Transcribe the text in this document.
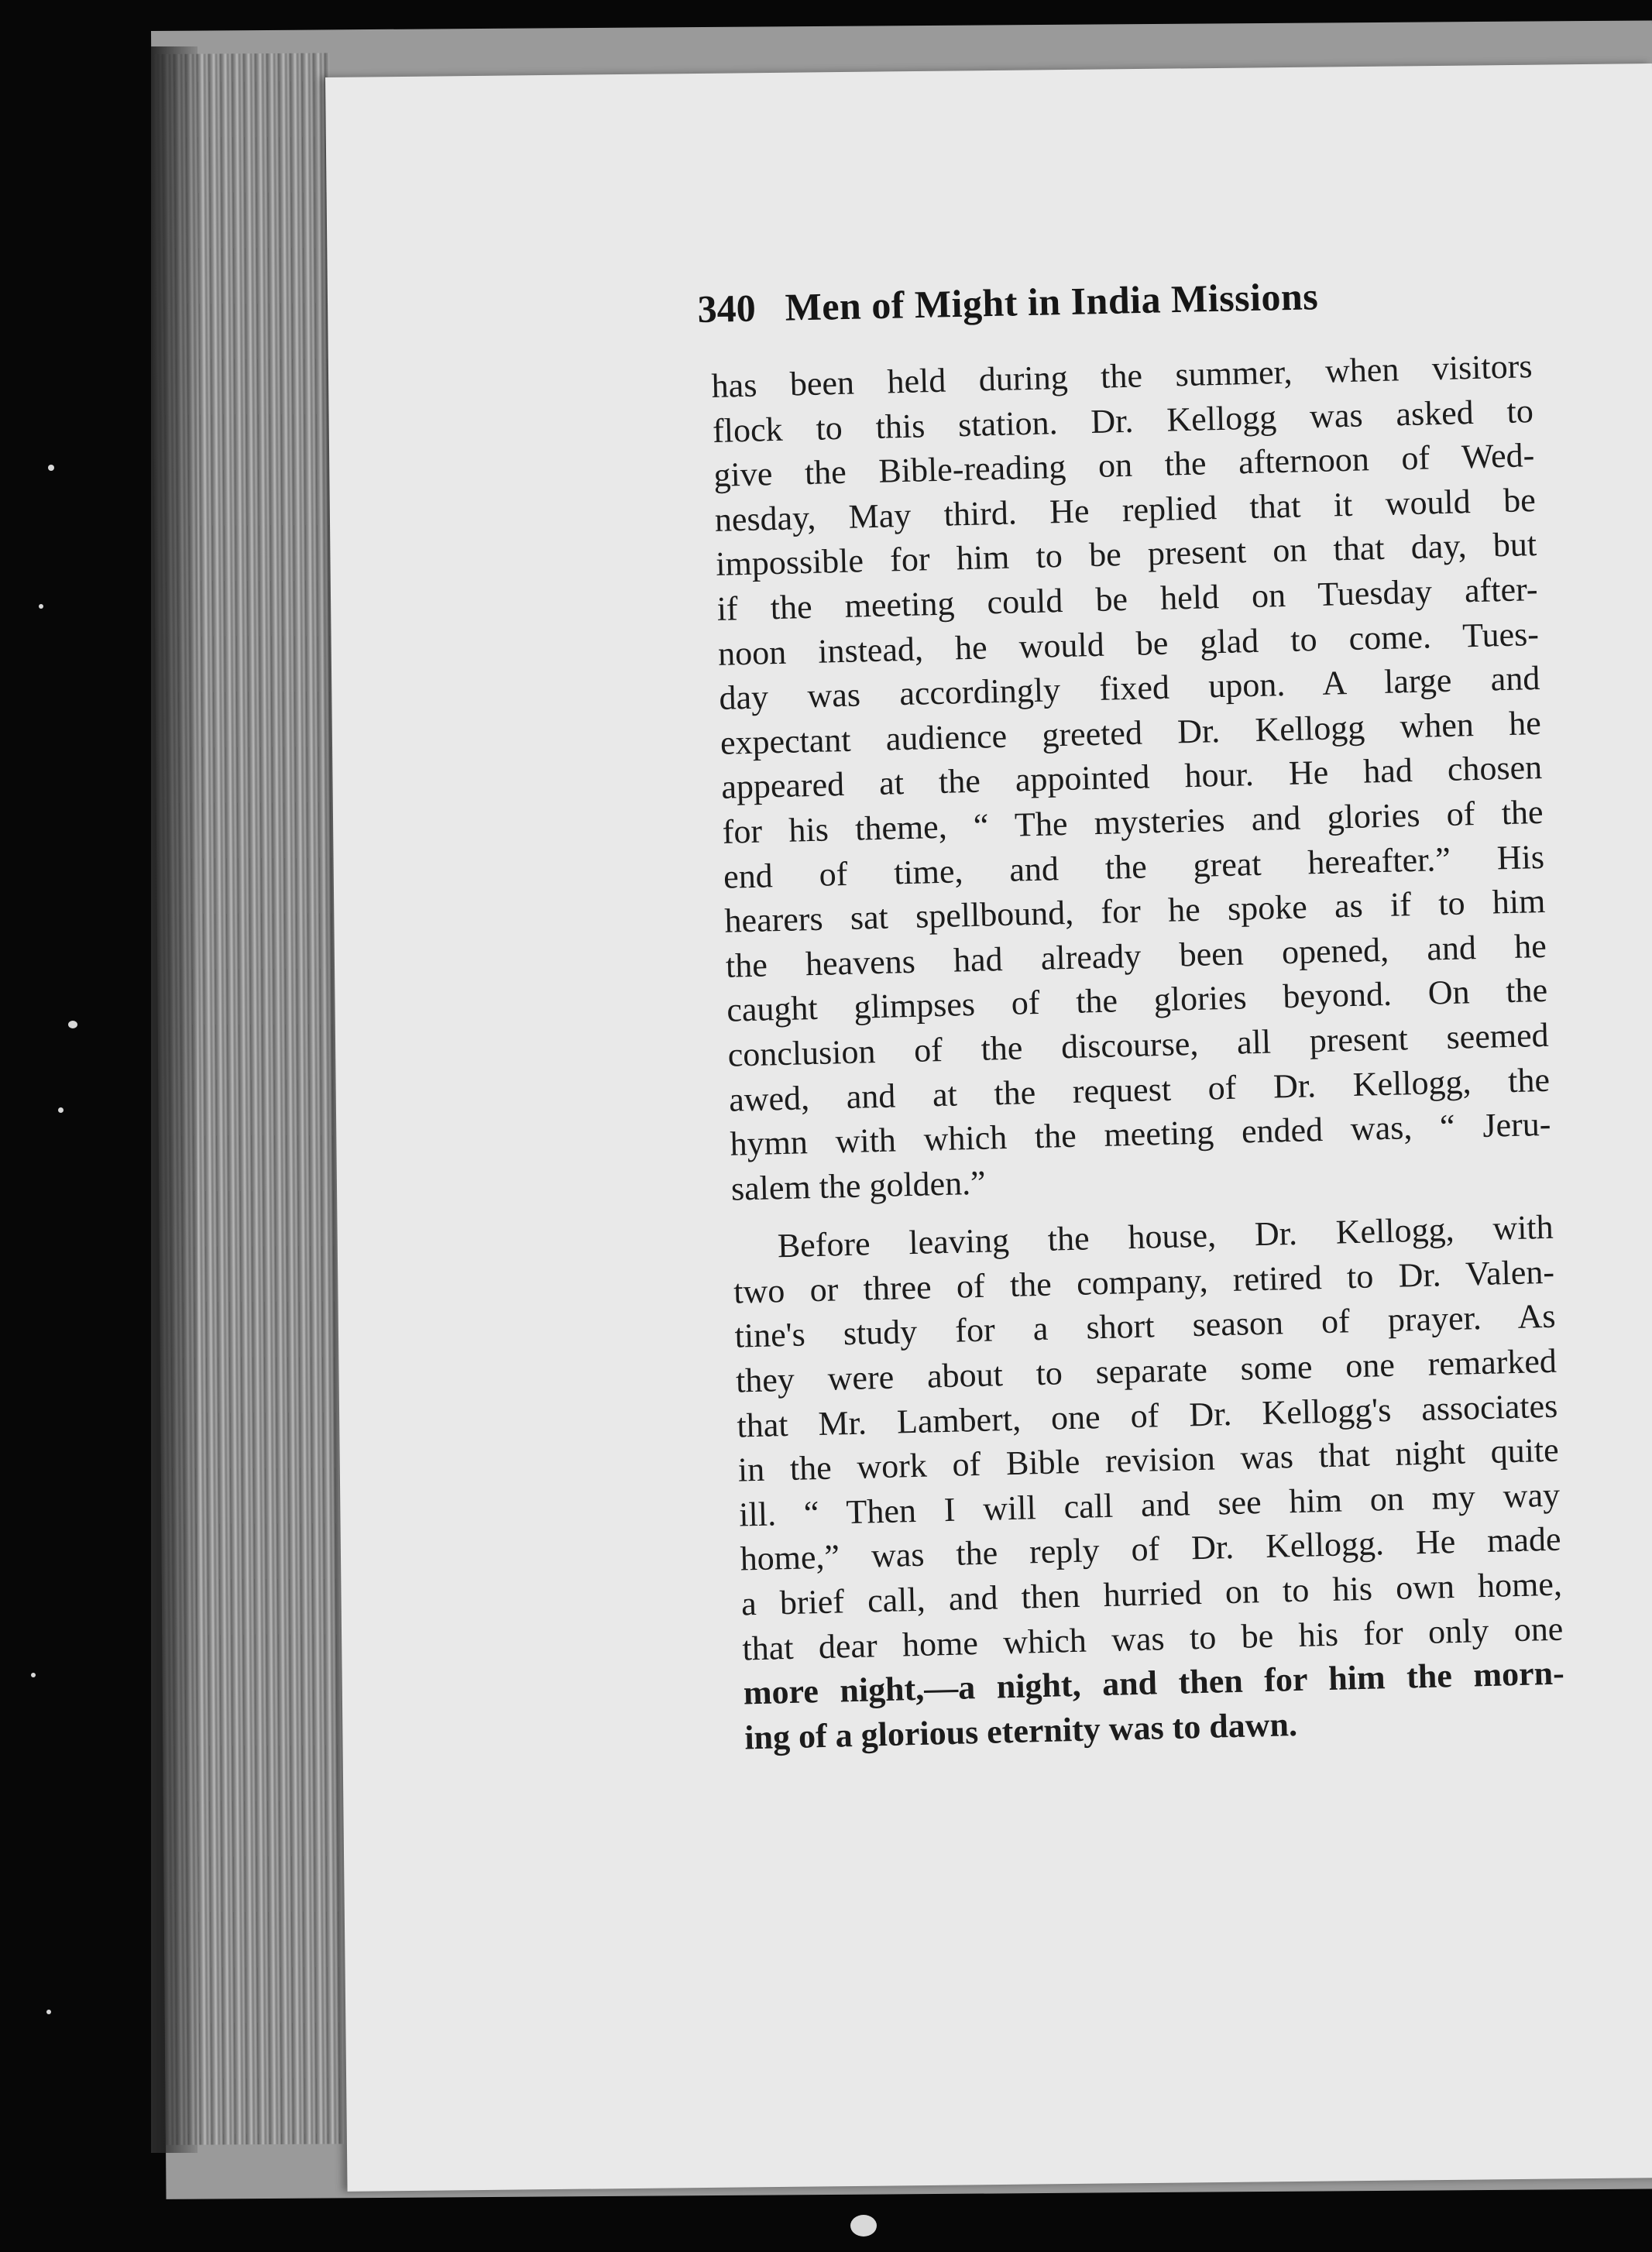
340 Men of Might in India Missions
has been held during the summer, when visitors
flock to this station. Dr. Kellogg was asked to
give the Bible-reading on the afternoon of Wed-
nesday, May third. He replied that it would be
impossible for him to be present on that day, but
if the meeting could be held on Tuesday after-
noon instead, he would be glad to come. Tues-
day was accordingly fixed upon. A large and
expectant audience greeted Dr. Kellogg when he
appeared at the appointed hour. He had chosen
for his theme, “ The mysteries and glories of the
end of time, and the great hereafter.” His
hearers sat spellbound, for he spoke as if to him
the heavens had already been opened, and he
caught glimpses of the glories beyond. On the
conclusion of the discourse, all present seemed
awed, and at the request of Dr. Kellogg, the
hymn with which the meeting ended was, “ Jeru-
salem the golden.”
Before leaving the house, Dr. Kellogg, with
two or three of the company, retired to Dr. Valen-
tine's study for a short season of prayer. As
they were about to separate some one remarked
that Mr. Lambert, one of Dr. Kellogg's associates
in the work of Bible revision was that night quite
ill. “ Then I will call and see him on my way
home,” was the reply of Dr. Kellogg. He made
a brief call, and then hurried on to his own home,
that dear home which was to be his for only one
more night,—a night, and then for him the morn-
ing of a glorious eternity was to dawn.
